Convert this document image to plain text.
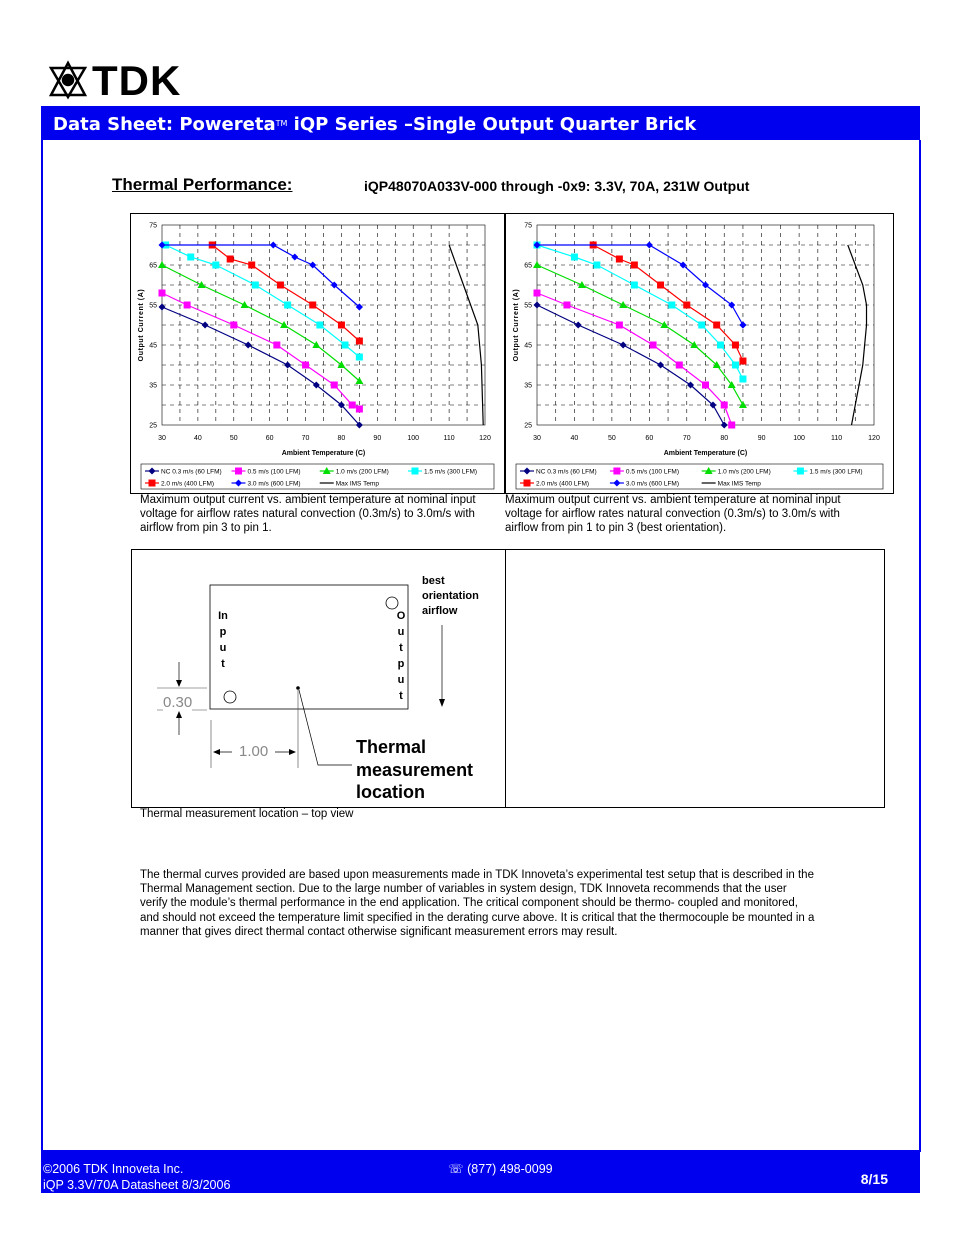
TDK
Data Sheet: Powereta™ iQP Series –Single Output Quarter Brick
Thermal Performance:	iQP48070A033V-000 through -0x9: 3.3V, 70A, 231W Output
30	40	50	60	70	80	90	100	110	120
25
35
45
55
65
75
Ambient Temperature (C)
Output Current (A)
NC 0.3 m/s (60 LFM)	0.5 m/s (100 LFM)	1.0 m/s (200 LFM)	1.5 m/s (300 LFM)
2.0 m/s (400 LFM)	3.0 m/s (600 LFM)	Max IMS Temp
30	40	50	60	70	80	90	100	110	120
25
35
45
55
65
75
Ambient Temperature (C)
Output Current (A)
NC 0.3 m/s (60 LFM)	0.5 m/s (100 LFM)	1.0 m/s (200 LFM)	1.5 m/s (300 LFM)
2.0 m/s (400 LFM)	3.0 m/s (600 LFM)	Max IMS Temp
Maximum output current vs. ambient temperature at nominal input voltage for airflow rates natural convection (0.3m/s) to 3.0m/s with airflow from pin 3 to pin 1.
Maximum output current vs. ambient temperature at nominal input voltage for airflow rates natural convection (0.3m/s) to 3.0m/s with airflow from pin 1 to pin 3 (best orientation).
0.30
1.00
Input
Output
best orientation airflow
Thermal measurement location
Thermal measurement location – top view
The thermal curves provided are based upon measurements made in TDK Innoveta’s experimental test setup that is described in the Thermal Management section. Due to the large number of variables in system design, TDK Innoveta recommends that the user verify the module’s thermal performance in the end application. The critical component should be thermo- coupled and monitored, and should not exceed the temperature limit specified in the derating curve above. It is critical that the thermocouple be mounted in a manner that gives direct thermal contact otherwise significant measurement errors may result.
©2006 TDK Innoveta Inc.
iQP 3.3V/70A Datasheet 8/3/2006
☏ (877) 498-0099
8/15
